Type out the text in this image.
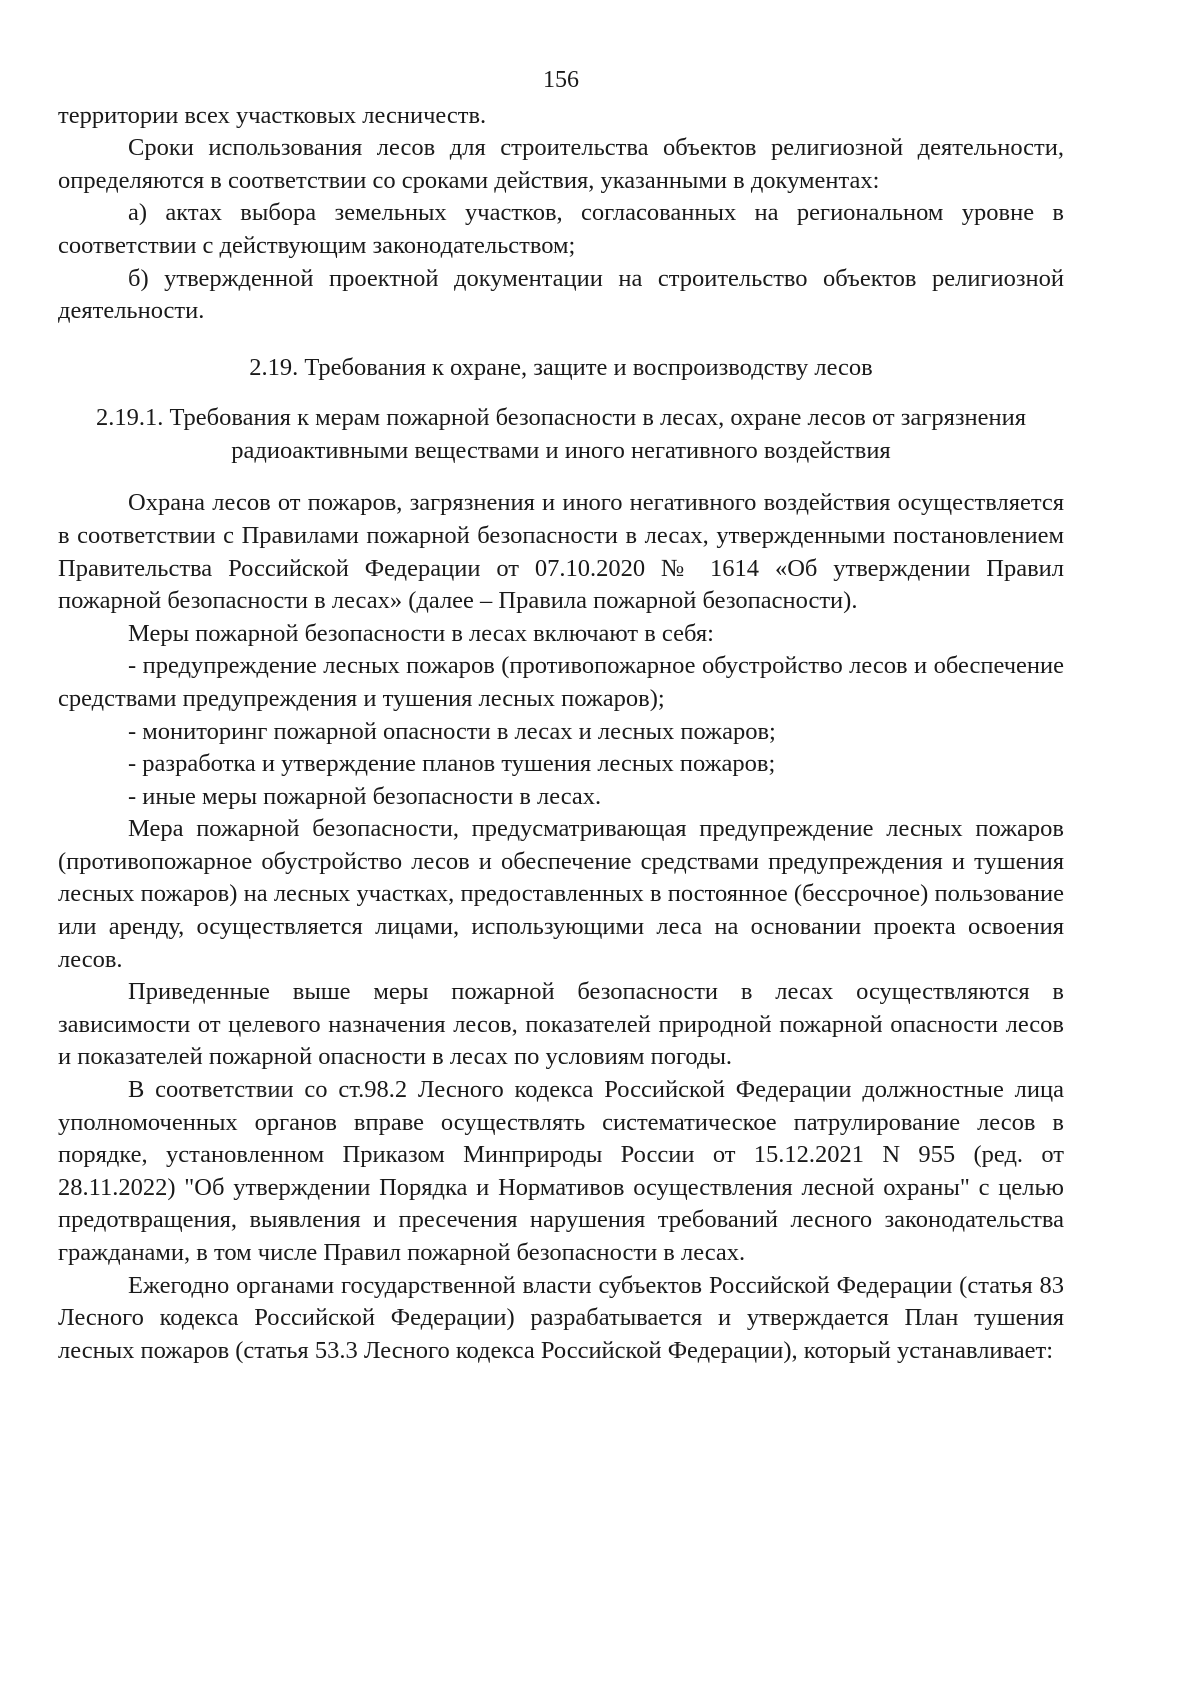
156

территории всех участковых лесничеств.

Сроки использования лесов для строительства объектов религиозной деятельности, определяются в соответствии со сроками действия, указанными в документах:

а) актах выбора земельных участков, согласованных на региональном уровне в соответствии с действующим законодательством;

б) утвержденной проектной документации на строительство объектов религиозной деятельности.

2.19. Требования к охране, защите и воспроизводству лесов
2.19.1. Требования к мерам пожарной безопасности в лесах, охране лесов от загрязнения радиоактивными веществами и иного негативного воздействия

Охрана лесов от пожаров, загрязнения и иного негативного воздействия осуществляется в соответствии с Правилами пожарной безопасности в лесах, утвержденными постановлением Правительства Российской Федерации от 07.10.2020 № 1614 «Об утверждении Правил пожарной безопасности в лесах» (далее – Правила пожарной безопасности).

Меры пожарной безопасности в лесах включают в себя:

- предупреждение лесных пожаров (противопожарное обустройство лесов и обеспечение средствами предупреждения и тушения лесных пожаров);

- мониторинг пожарной опасности в лесах и лесных пожаров;

- разработка и утверждение планов тушения лесных пожаров;

- иные меры пожарной безопасности в лесах.

Мера пожарной безопасности, предусматривающая предупреждение лесных пожаров (противопожарное обустройство лесов и обеспечение средствами предупреждения и тушения лесных пожаров) на лесных участках, предоставленных в постоянное (бессрочное) пользование или аренду, осуществляется лицами, использующими леса на основании проекта освоения лесов.

Приведенные выше меры пожарной безопасности в лесах осуществляются в зависимости от целевого назначения лесов, показателей природной пожарной опасности лесов и показателей пожарной опасности в лесах по условиям погоды.

В соответствии со ст.98.2 Лесного кодекса Российской Федерации должностные лица уполномоченных органов вправе осуществлять систематическое патрулирование лесов в порядке, установленном Приказом Минприроды России от 15.12.2021 N 955 (ред. от 28.11.2022) "Об утверждении Порядка и Нормативов осуществления лесной охраны" с целью предотвращения, выявления и пресечения нарушения требований лесного законодательства гражданами, в том числе Правил пожарной безопасности в лесах.

Ежегодно органами государственной власти субъектов Российской Федерации (статья 83 Лесного кодекса Российской Федерации) разрабатывается и утверждается План тушения лесных пожаров (статья 53.3 Лесного кодекса Российской Федерации), который устанавливает:
